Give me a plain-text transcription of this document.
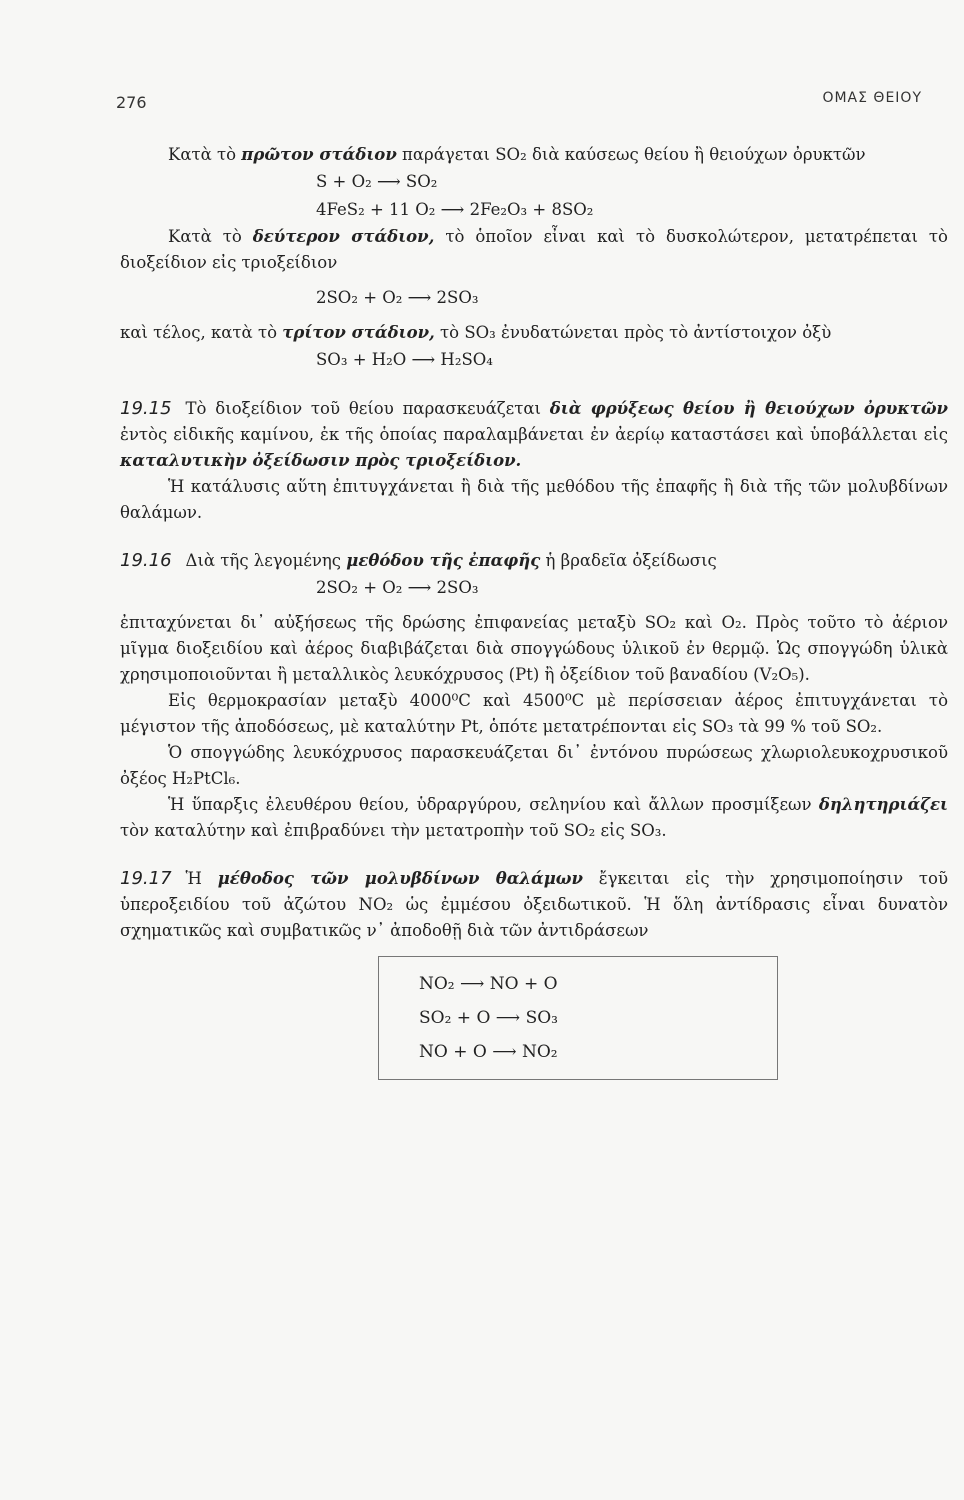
276	ΟΜΑΣ ΘΕΙΟΥ

Κατὰ τὸ πρῶτον στάδιον παράγεται SO₂ διὰ καύσεως θείου ἢ θειούχων ὀρυκτῶν

S + O₂ ⟶ SO₂

4FeS₂ + 11 O₂ ⟶ 2Fe₂O₃ + 8SO₂

Κατὰ τὸ δεύτερον στάδιον, τὸ ὁποῖον εἶναι καὶ τὸ δυσκολώτερον, μετατρέπεται τὸ διοξείδιον εἰς τριοξείδιον

2SO₂ + O₂ ⟶ 2SO₃

καὶ τέλος, κατὰ τὸ τρίτον στάδιον, τὸ SO₃ ἐνυδατώνεται πρὸς τὸ ἀντίστοιχον ὀξὺ

SO₃ + H₂O ⟶ H₂SO₄

19.15 Τὸ διοξείδιον τοῦ θείου παρασκευάζεται διὰ φρύξεως θείου ἢ θειούχων ὀρυκτῶν ἐντὸς εἰδικῆς καμίνου, ἐκ τῆς ὁποίας παραλαμβάνεται ἐν ἀερίῳ καταστάσει καὶ ὑποβάλλεται εἰς καταλυτικὴν ὀξείδωσιν πρὸς τριοξείδιον.

Ἡ κατάλυσις αὕτη ἐπιτυγχάνεται ἢ διὰ τῆς μεθόδου τῆς ἐπαφῆς ἢ διὰ τῆς τῶν μολυβδίνων θαλάμων.

19.16 Διὰ τῆς λεγομένης μεθόδου τῆς ἐπαφῆς ἡ βραδεῖα ὀξείδωσις

2SO₂ + O₂ ⟶ 2SO₃

ἐπιταχύνεται δι᾽ αὐξήσεως τῆς δρώσης ἐπιφανείας μεταξὺ SO₂ καὶ O₂. Πρὸς τοῦτο τὸ ἀέριον μῖγμα διοξειδίου καὶ ἀέρος διαβιβάζεται διὰ σπογγώδους ὑλικοῦ ἐν θερμῷ. Ὡς σπογγώδη ὑλικὰ χρησιμοποιοῦνται ἢ μεταλλικὸς λευκόχρυσος (Pt) ἢ ὀξείδιον τοῦ βαναδίου (V₂O₅).

Εἰς θερμοκρασίαν μεταξὺ 4000⁰C καὶ 4500⁰C μὲ περίσσειαν ἀέρος ἐπιτυγχάνεται τὸ μέγιστον τῆς ἀποδόσεως, μὲ καταλύτην Pt, ὁπότε μετατρέπονται εἰς SO₃ τὰ 99 % τοῦ SO₂.

Ὁ σπογγώδης λευκόχρυσος παρασκευάζεται δι᾽ ἐντόνου πυρώσεως χλωριολευκοχρυσικοῦ ὀξέος H₂PtCl₆.

Ἡ ὕπαρξις ἐλευθέρου θείου, ὑδραργύρου, σεληνίου καὶ ἄλλων προσμίξεων δηλητηριάζει τὸν καταλύτην καὶ ἐπιβραδύνει τὴν μετατροπὴν τοῦ SO₂ εἰς SO₃.

19.17 Ἡ μέθοδος τῶν μολυβδίνων θαλάμων ἔγκειται εἰς τὴν χρησιμοποίησιν τοῦ ὑπεροξειδίου τοῦ ἀζώτου NO₂ ὡς ἐμμέσου ὀξειδωτικοῦ. Ἡ ὅλη ἀντίδρασις εἶναι δυνατὸν σχηματικῶς καὶ συμβατικῶς ν᾽ ἀποδοθῇ διὰ τῶν ἀντιδράσεων

NO₂ ⟶ NO + O
SO₂ + O ⟶ SO₃
NO + O ⟶ NO₂
